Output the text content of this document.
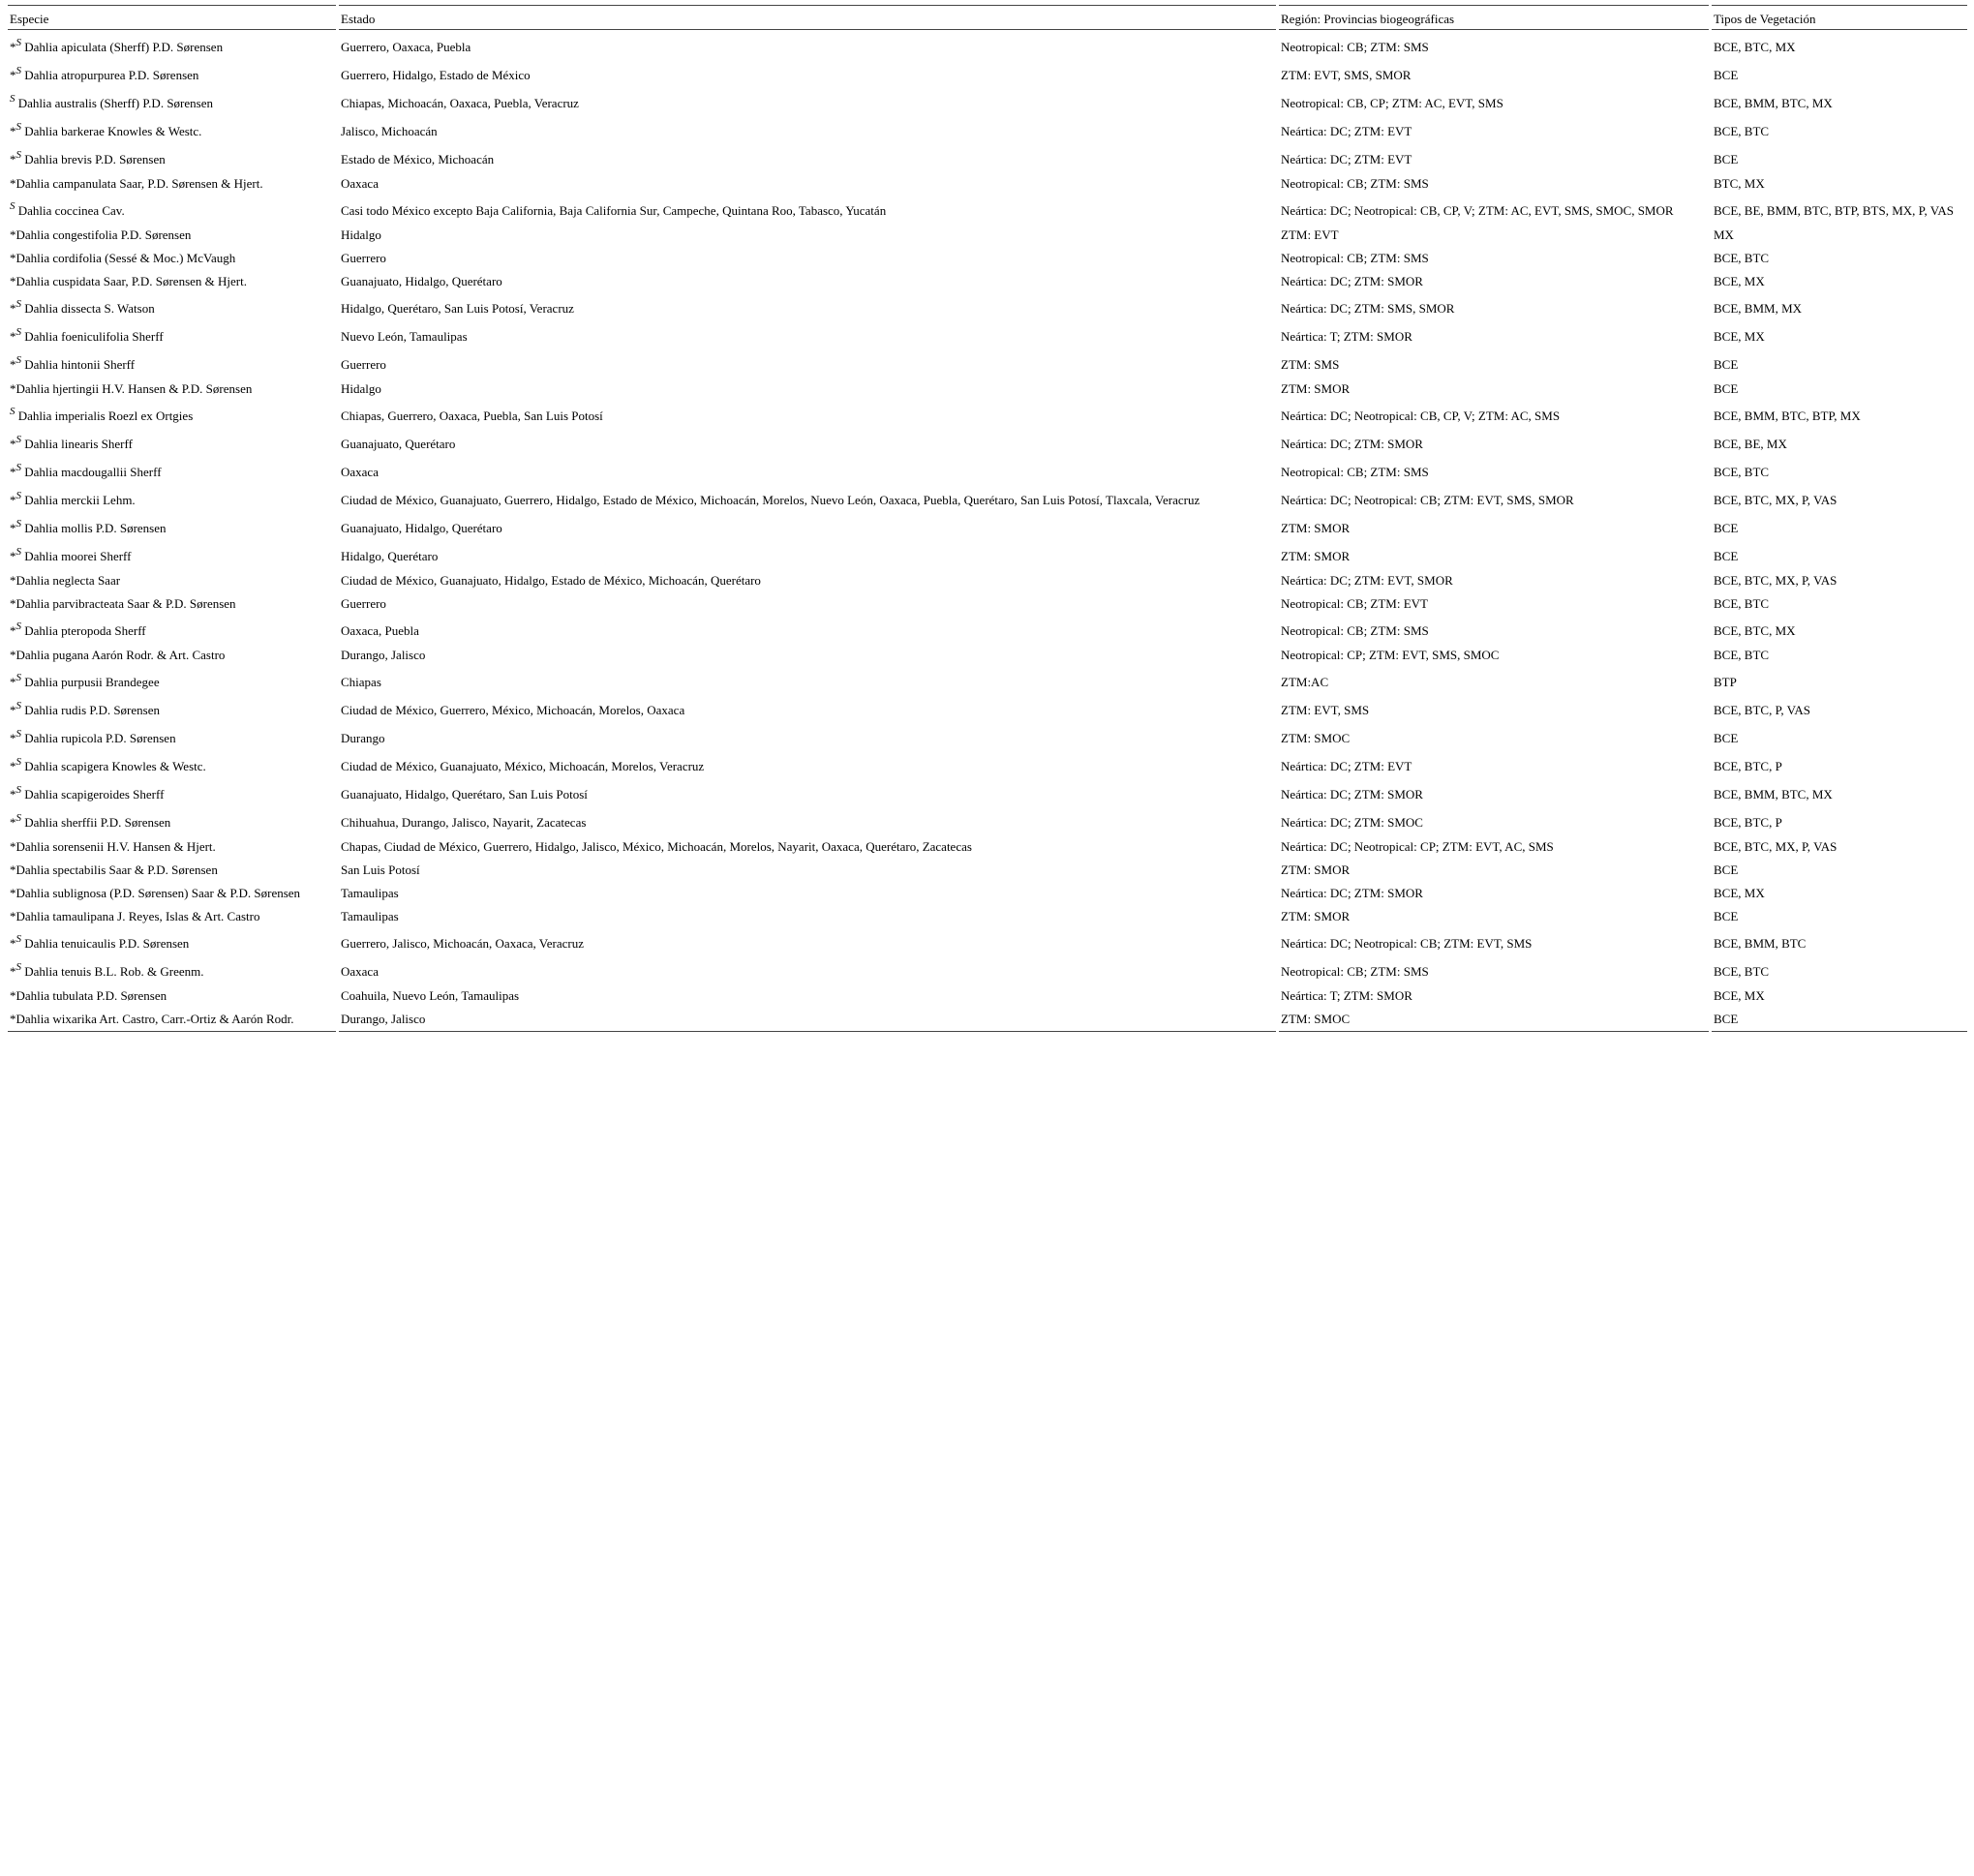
Especie	Estado	Región: Provincias biogeográficas	Tipos de Vegetación
*$^S$ Dahlia apiculata (Sherff) P.D. Sørensen	Guerrero, Oaxaca, Puebla	Neotropical: CB; ZTM: SMS	BCE, BTC, MX
*$^S$ Dahlia atropurpurea P.D. Sørensen	Guerrero, Hidalgo, Estado de México	ZTM: EVT, SMS, SMOR	BCE
$^S$ Dahlia australis (Sherff) P.D. Sørensen	Chiapas, Michoacán, Oaxaca, Puebla, Veracruz	Neotropical: CB, CP; ZTM: AC, EVT, SMS	BCE, BMM, BTC, MX
*$^S$ Dahlia barkerae Knowles & Westc.	Jalisco, Michoacán	Neártica: DC; ZTM: EVT	BCE, BTC
*$^S$ Dahlia brevis P.D. Sørensen	Estado de México, Michoacán	Neártica: DC; ZTM: EVT	BCE
*Dahlia campanulata Saar, P.D. Sørensen & Hjert.	Oaxaca	Neotropical: CB; ZTM: SMS	BTC, MX
$^S$ Dahlia coccinea Cav.	Casi todo México excepto Baja California, Baja California Sur, Campeche, Quintana Roo, Tabasco, Yucatán	Neártica: DC; Neotropical: CB, CP, V; ZTM: AC, EVT, SMS, SMOC, SMOR	BCE, BE, BMM, BTC, BTP, BTS, MX, P, VAS
*Dahlia congestifolia P.D. Sørensen	Hidalgo	ZTM: EVT	MX
*Dahlia cordifolia (Sessé & Moc.) McVaugh	Guerrero	Neotropical: CB; ZTM: SMS	BCE, BTC
*Dahlia cuspidata Saar, P.D. Sørensen & Hjert.	Guanajuato, Hidalgo, Querétaro	Neártica: DC; ZTM: SMOR	BCE, MX
*$^S$ Dahlia dissecta S. Watson	Hidalgo, Querétaro, San Luis Potosí, Veracruz	Neártica: DC; ZTM: SMS, SMOR	BCE, BMM, MX
*$^S$ Dahlia foeniculifolia Sherff	Nuevo León, Tamaulipas	Neártica: T; ZTM: SMOR	BCE, MX
*$^S$ Dahlia hintonii Sherff	Guerrero	ZTM: SMS	BCE
*Dahlia hjertingii H.V. Hansen & P.D. Sørensen	Hidalgo	ZTM: SMOR	BCE
$^S$ Dahlia imperialis Roezl ex Ortgies	Chiapas, Guerrero, Oaxaca, Puebla, San Luis Potosí	Neártica: DC; Neotropical: CB, CP, V; ZTM: AC, SMS	BCE, BMM, BTC, BTP, MX
*$^S$ Dahlia linearis Sherff	Guanajuato, Querétaro	Neártica: DC; ZTM: SMOR	BCE, BE, MX
*$^S$ Dahlia macdougallii Sherff	Oaxaca	Neotropical: CB; ZTM: SMS	BCE, BTC
*$^S$ Dahlia merckii Lehm.	Ciudad de México, Guanajuato, Guerrero, Hidalgo, Estado de México, Michoacán, Morelos, Nuevo León, Oaxaca, Puebla, Querétaro, San Luis Potosí, Tlaxcala, Veracruz	Neártica: DC; Neotropical: CB; ZTM: EVT, SMS, SMOR	BCE, BTC, MX, P, VAS
*$^S$ Dahlia mollis P.D. Sørensen	Guanajuato, Hidalgo, Querétaro	ZTM: SMOR	BCE
*$^S$ Dahlia moorei Sherff	Hidalgo, Querétaro	ZTM: SMOR	BCE
*Dahlia neglecta Saar	Ciudad de México, Guanajuato, Hidalgo, Estado de México, Michoacán, Querétaro	Neártica: DC; ZTM: EVT, SMOR	BCE, BTC, MX, P, VAS
*Dahlia parvibracteata Saar & P.D. Sørensen	Guerrero	Neotropical: CB; ZTM: EVT	BCE, BTC
*$^S$ Dahlia pteropoda Sherff	Oaxaca, Puebla	Neotropical: CB; ZTM: SMS	BCE, BTC, MX
*Dahlia pugana Aarón Rodr. & Art. Castro	Durango, Jalisco	Neotropical: CP; ZTM: EVT, SMS, SMOC	BCE, BTC
*$^S$ Dahlia purpusii Brandegee	Chiapas	ZTM:AC	BTP
*$^S$ Dahlia rudis P.D. Sørensen	Ciudad de México, Guerrero, México, Michoacán, Morelos, Oaxaca	ZTM: EVT, SMS	BCE, BTC, P, VAS
*$^S$ Dahlia rupicola P.D. Sørensen	Durango	ZTM: SMOC	BCE
*$^S$ Dahlia scapigera Knowles & Westc.	Ciudad de México, Guanajuato, México, Michoacán, Morelos, Veracruz	Neártica: DC; ZTM: EVT	BCE, BTC, P
*$^S$ Dahlia scapigeroides Sherff	Guanajuato, Hidalgo, Querétaro, San Luis Potosí	Neártica: DC; ZTM: SMOR	BCE, BMM, BTC, MX
*$^S$ Dahlia sherffii P.D. Sørensen	Chihuahua, Durango, Jalisco, Nayarit, Zacatecas	Neártica: DC; ZTM: SMOC	BCE, BTC, P
*Dahlia sorensenii H.V. Hansen & Hjert.	Chapas, Ciudad de México, Guerrero, Hidalgo, Jalisco, México, Michoacán, Morelos, Nayarit, Oaxaca, Querétaro, Zacatecas	Neártica: DC; Neotropical: CP; ZTM: EVT, AC, SMS	BCE, BTC, MX, P, VAS
*Dahlia spectabilis Saar & P.D. Sørensen	San Luis Potosí	ZTM: SMOR	BCE
*Dahlia sublignosa (P.D. Sørensen) Saar & P.D. Sørensen	Tamaulipas	Neártica: DC; ZTM: SMOR	BCE, MX
*Dahlia tamaulipana J. Reyes, Islas & Art. Castro	Tamaulipas	ZTM: SMOR	BCE
*$^S$ Dahlia tenuicaulis P.D. Sørensen	Guerrero, Jalisco, Michoacán, Oaxaca, Veracruz	Neártica: DC; Neotropical: CB; ZTM: EVT, SMS	BCE, BMM, BTC
*$^S$ Dahlia tenuis B.L. Rob. & Greenm.	Oaxaca	Neotropical: CB; ZTM: SMS	BCE, BTC
*Dahlia tubulata P.D. Sørensen	Coahuila, Nuevo León, Tamaulipas	Neártica: T; ZTM: SMOR	BCE, MX
*Dahlia wixarika Art. Castro, Carr.-Ortiz & Aarón Rodr.	Durango, Jalisco	ZTM: SMOC	BCE
